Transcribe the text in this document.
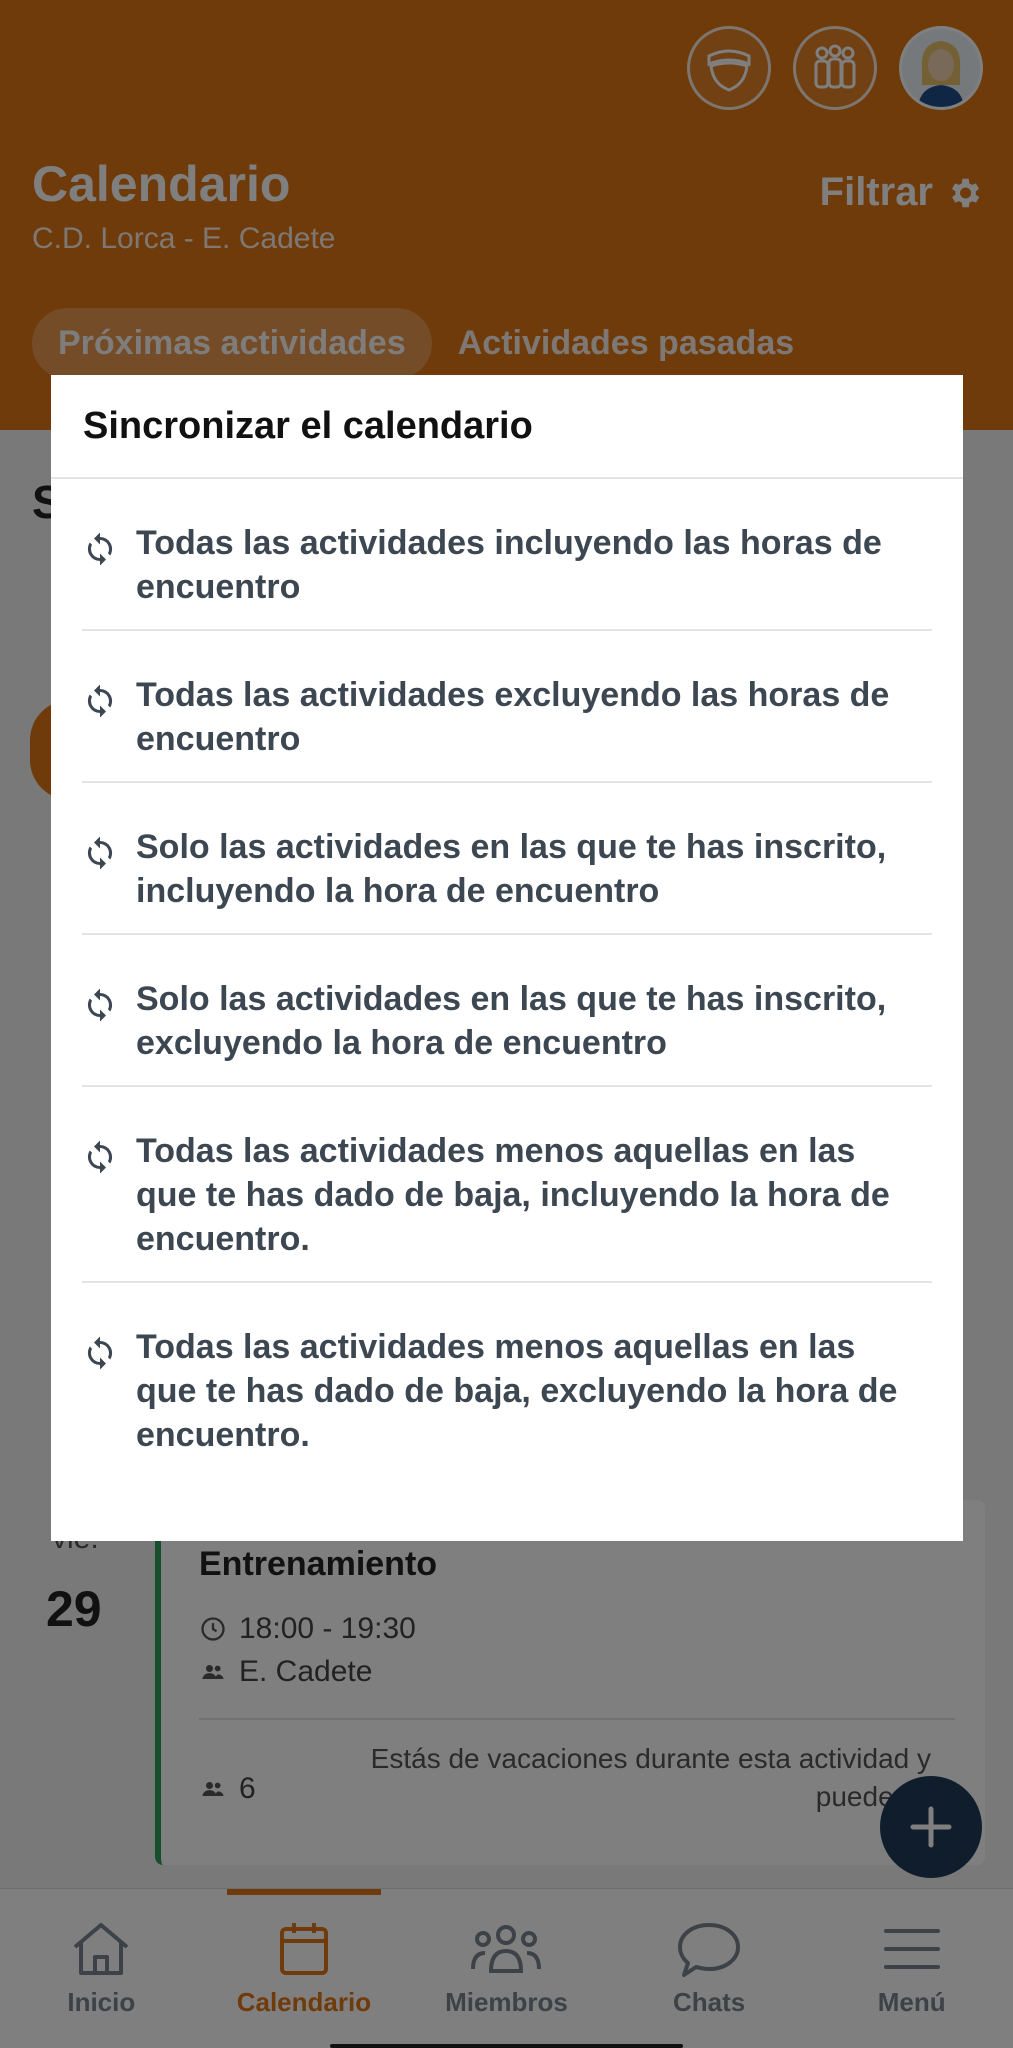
Sincronizar el calendario
Todas las actividades incluyendo las horas de encuentro
Todas las actividades excluyendo las horas de encuentro
Solo las actividades en las que te has inscrito, incluyendo la hora de encuentro
Solo las actividades en las que te has inscrito, excluyendo la hora de encuentro
Todas las actividades menos aquellas en las que te has dado de baja, incluyendo la hora de encuentro.
Todas las actividades menos aquellas en las que te has dado de baja, excluyendo la hora de encuentro.
